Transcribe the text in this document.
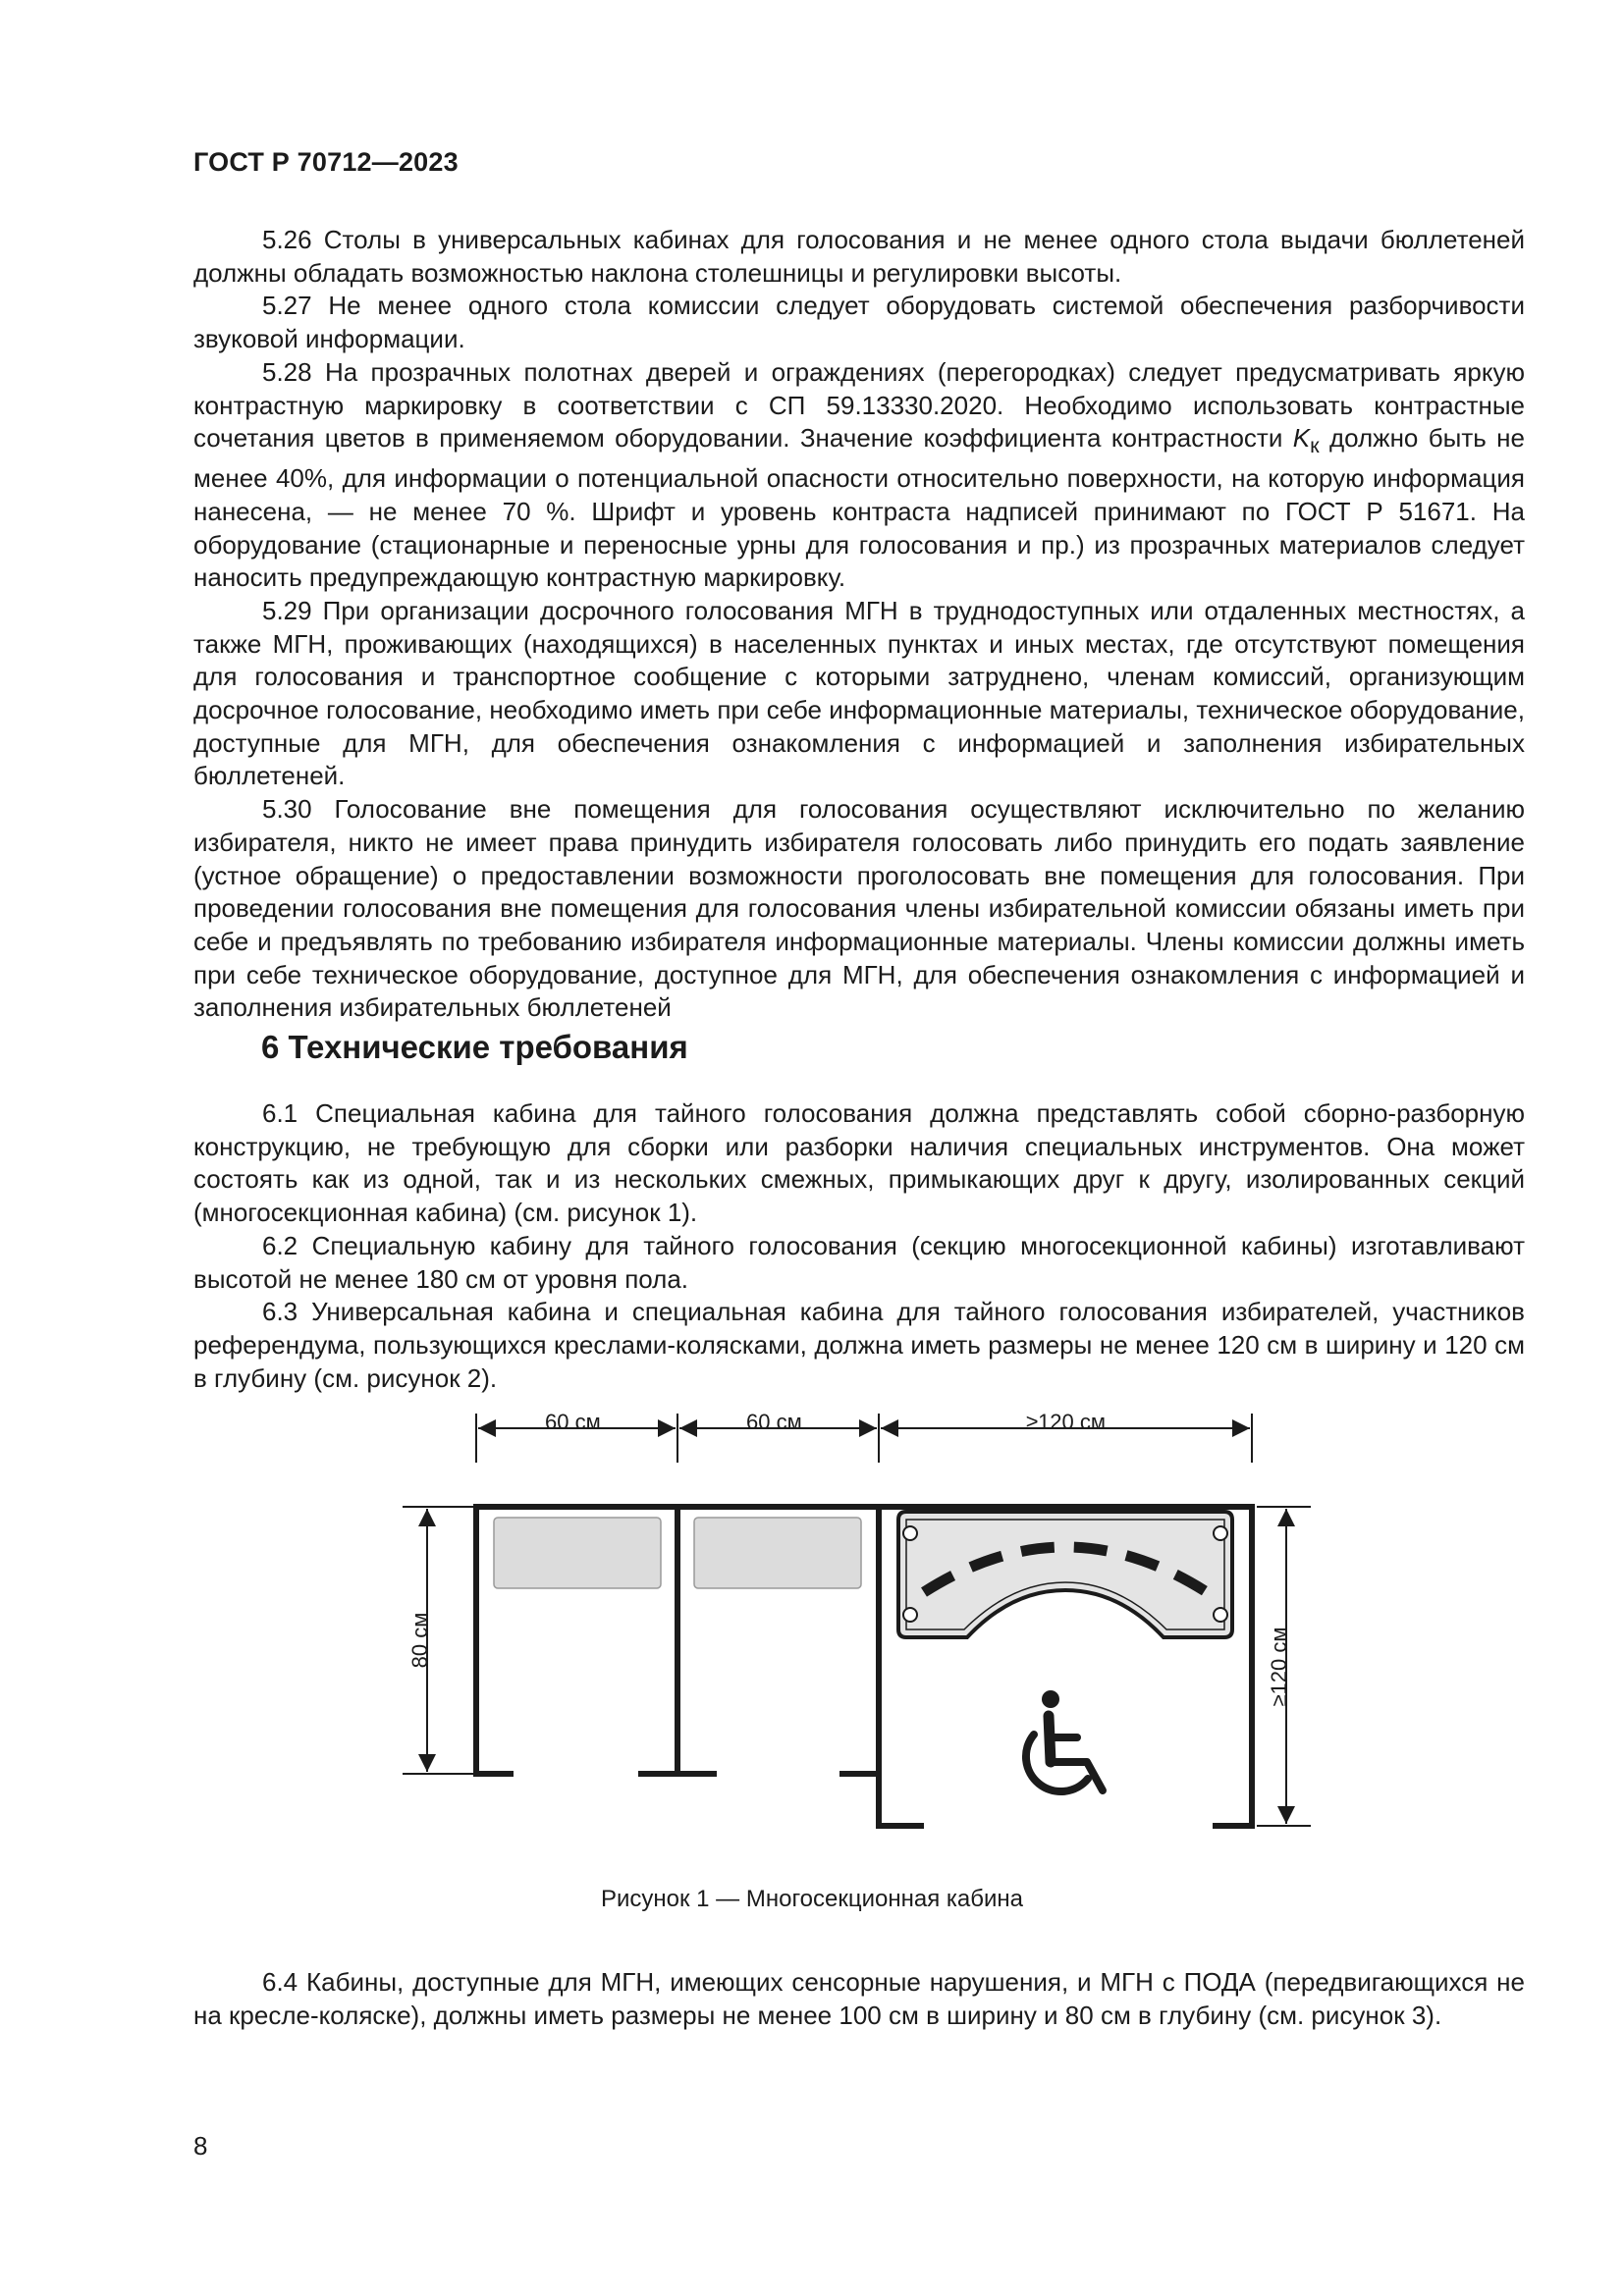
ГОСТ Р 70712—2023

5.26 Столы в универсальных кабинах для голосования и не менее одного стола выдачи бюллетеней должны обладать возможностью наклона столешницы и регулировки высоты.

5.27 Не менее одного стола комиссии следует оборудовать системой обеспечения разборчивости звуковой информации.

5.28 На прозрачных полотнах дверей и ограждениях (перегородках) следует предусматривать яркую контрастную маркировку в соответствии с СП 59.13330.2020. Необходимо использовать контрастные сочетания цветов в применяемом оборудовании. Значение коэффициента контрастности $K_к$ должно быть не менее 40%, для информации о потенциальной опасности относительно поверхности, на которую информация нанесена, — не менее 70 %. Шрифт и уровень контраста надписей принимают по ГОСТ Р 51671. На оборудование (стационарные и переносные урны для голосования и пр.) из прозрачных материалов следует наносить предупреждающую контрастную маркировку.

5.29 При организации досрочного голосования МГН в труднодоступных или отдаленных местностях, а также МГН, проживающих (находящихся) в населенных пунктах и иных местах, где отсутствуют помещения для голосования и транспортное сообщение с которыми затруднено, членам комиссий, организующим досрочное голосование, необходимо иметь при себе информационные материалы, техническое оборудование, доступные для МГН, для обеспечения ознакомления с информацией и заполнения избирательных бюллетеней.

5.30 Голосование вне помещения для голосования осуществляют исключительно по желанию избирателя, никто не имеет права принудить избирателя голосовать либо принудить его подать заявление (устное обращение) о предоставлении возможности проголосовать вне помещения для голосования. При проведении голосования вне помещения для голосования члены избирательной комиссии обязаны иметь при себе и предъявлять по требованию избирателя информационные материалы. Члены комиссии должны иметь при себе техническое оборудование, доступное для МГН, для обеспечения ознакомления с информацией и заполнения избирательных бюллетеней

6 Технические требования

6.1 Специальная кабина для тайного голосования должна представлять собой сборно-разборную конструкцию, не требующую для сборки или разборки наличия специальных инструментов. Она может состоять как из одной, так и из нескольких смежных, примыкающих друг к другу, изолированных секций (многосекционная кабина) (см. рисунок 1).

6.2 Специальную кабину для тайного голосования (секцию многосекционной кабины) изготавливают высотой не менее 180 см от уровня пола.

6.3 Универсальная кабина и специальная кабина для тайного голосования избирателей, участников референдума, пользующихся креслами-колясками, должна иметь размеры не менее 120 см в ширину и 120 см в глубину (см. рисунок 2).

60 см	60 см	≥120 см
80 см	≥120 см
Рисунок 1 — Многосекционная кабина

6.4 Кабины, доступные для МГН, имеющих сенсорные нарушения, и МГН с ПОДА (передвигающихся не на кресле-коляске), должны иметь размеры не менее 100 см в ширину и 80 см в глубину (см. рисунок 3).

8
